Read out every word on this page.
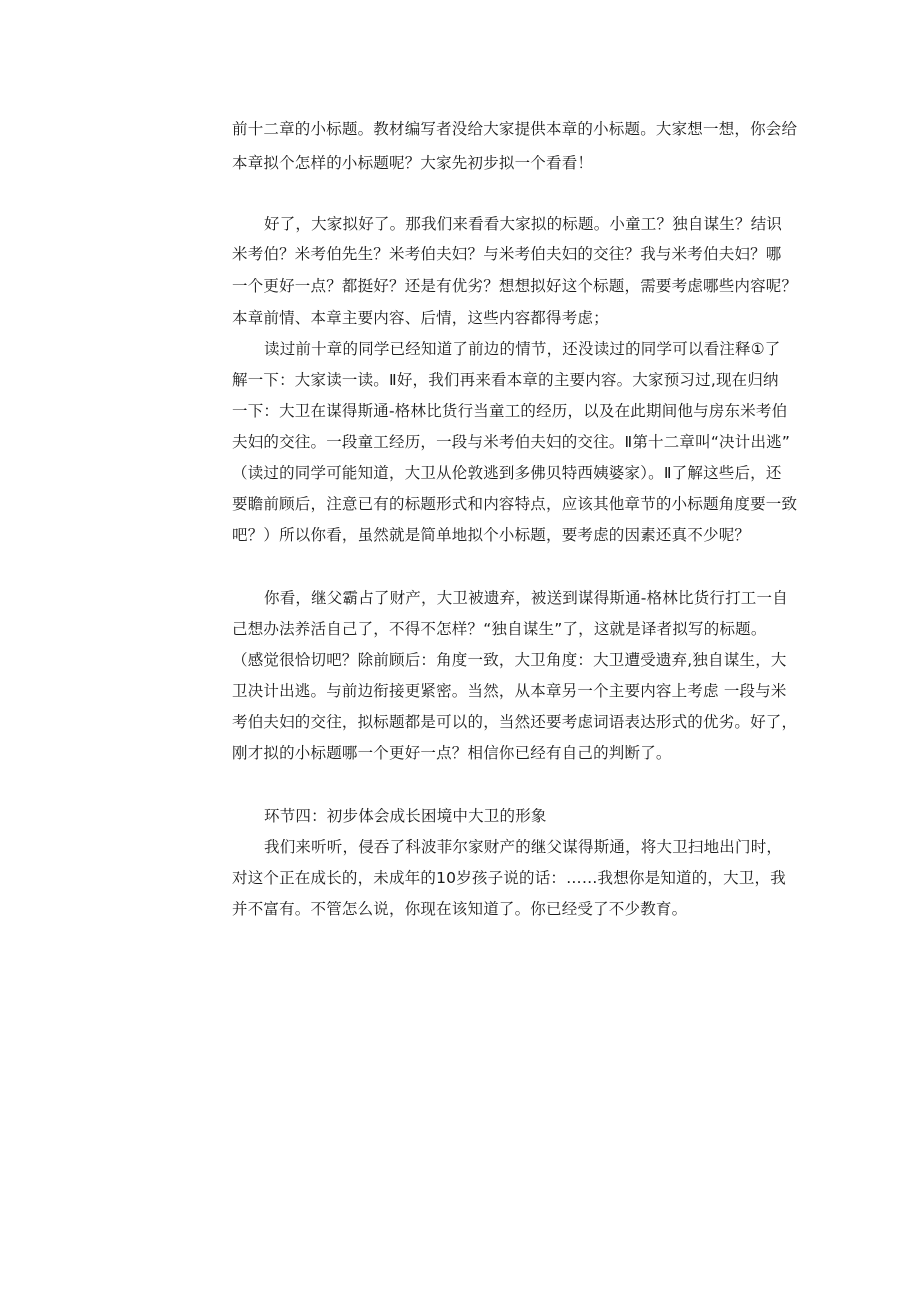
前十二章的小标题。教材编写者没给大家提供本章的小标题。大家想一想，你会给
本章拟个怎样的小标题呢？大家先初步拟一个看看！
好了，大家拟好了。那我们来看看大家拟的标题。小童工？独自谋生？结识
米考伯？米考伯先生？米考伯夫妇？与米考伯夫妇的交往？我与米考伯夫妇？哪
一个更好一点？都挺好？还是有优劣？想想拟好这个标题，需要考虑哪些内容呢？
本章前情、本章主要内容、后情，这些内容都得考虑；
读过前十章的同学已经知道了前边的情节，还没读过的同学可以看注释①了
解一下：大家读一读。Ⅱ好，我们再来看本章的主要内容。大家预习过,现在归纳
一下：大卫在谋得斯通-格林比货行当童工的经历，以及在此期间他与房东米考伯
夫妇的交往。一段童工经历，一段与米考伯夫妇的交往。Ⅱ第十二章叫“决计出逃”
（读过的同学可能知道，大卫从伦敦逃到多佛贝特西姨婆家）。Ⅱ了解这些后，还
要瞻前顾后，注意已有的标题形式和内容特点，应该其他章节的小标题角度要一致
吧？）所以你看，虽然就是简单地拟个小标题，要考虑的因素还真不少呢？
你看，继父霸占了财产，大卫被遗弃，被送到谋得斯通-格林比货行打工一自
己想办法养活自己了，不得不怎样？“独自谋生”了，这就是译者拟写的标题。
（感觉很恰切吧？除前顾后：角度一致，大卫角度：大卫遭受遗弃,独自谋生，大
卫决计出逃。与前边衔接更紧密。当然，从本章另一个主要内容上考虑 一段与米
考伯夫妇的交往，拟标题都是可以的，当然还要考虑词语表达形式的优劣。好了，
刚才拟的小标题哪一个更好一点？相信你已经有自己的判断了。
环节四：初步体会成长困境中大卫的形象
我们来听听，侵吞了科波菲尔家财产的继父谋得斯通，将大卫扫地出门时，
对这个正在成长的，未成年的10岁孩子说的话：……我想你是知道的，大卫，我
并不富有。不管怎么说，你现在该知道了。你已经受了不少教育。
